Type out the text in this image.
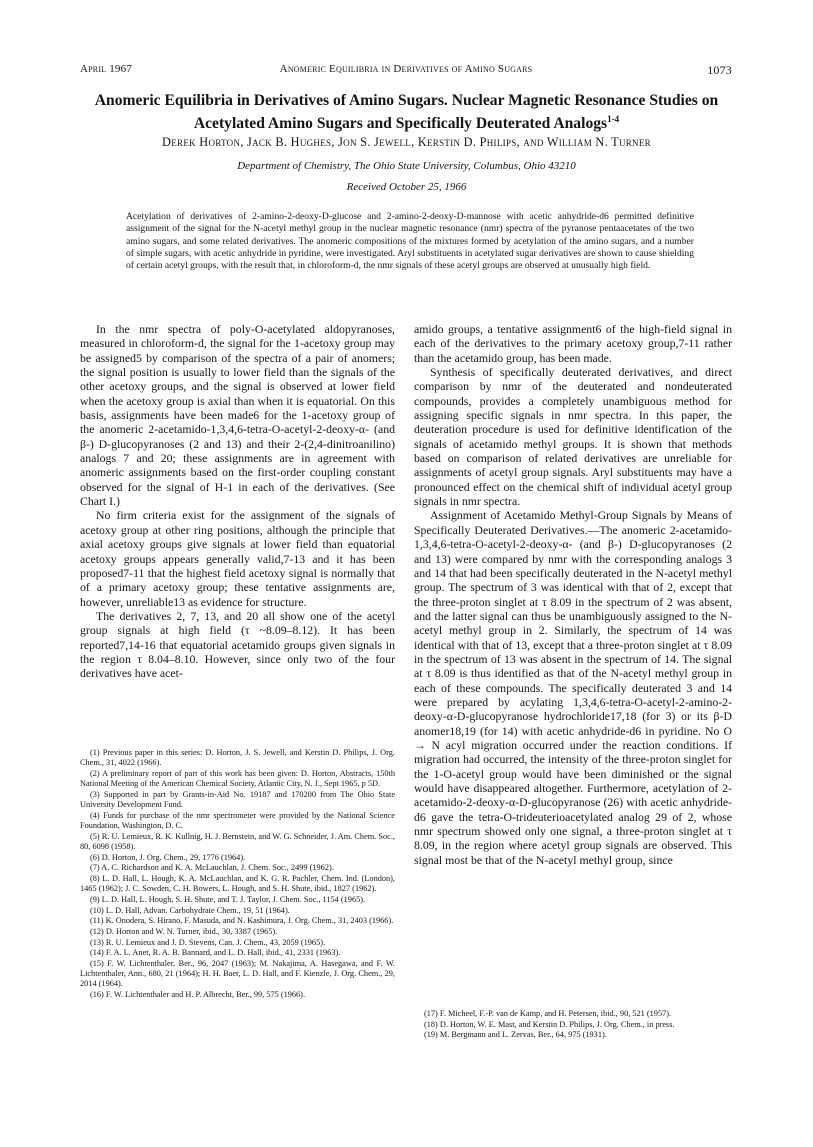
April 1967	Anomeric Equilibria in Derivatives of Amino Sugars	1073
Anomeric Equilibria in Derivatives of Amino Sugars. Nuclear Magnetic Resonance Studies on Acetylated Amino Sugars and Specifically Deuterated Analogs$^{1-4}$

Derek Horton, Jack B. Hughes, Jon S. Jewell, Kerstin D. Philips, and William N. Turner

Department of Chemistry, The Ohio State University, Columbus, Ohio 43210

Received October 25, 1966

Acetylation of derivatives of 2-amino-2-deoxy-D-glucose and 2-amino-2-deoxy-D-mannose with acetic anhydride-d6 permitted definitive assignment of the signal for the N-acetyl methyl group in the nuclear magnetic resonance (nmr) spectra of the pyranose pentaacetates of the two amino sugars, and some related derivatives. The anomeric compositions of the mixtures formed by acetylation of the amino sugars, and a number of simple sugars, with acetic anhydride in pyridine, were investigated. Aryl substituents in acetylated sugar derivatives are shown to cause shielding of certain acetyl groups, with the result that, in chloroform-d, the nmr signals of these acetyl groups are observed at unusually high field.

In the nmr spectra of poly-O-acetylated aldopyranoses, measured in chloroform-d, the signal for the 1-acetoxy group may be assigned5 by comparison of the spectra of a pair of anomers; the signal position is usually to lower field than the signals of the other acetoxy groups, and the signal is observed at lower field when the acetoxy group is axial than when it is equatorial. On this basis, assignments have been made6 for the 1-acetoxy group of the anomeric 2-acetamido-1,3,4,6-tetra-O-acetyl-2-deoxy-α- (and β-) D-glucopyranoses (2 and 13) and their 2-(2,4-dinitroanilino) analogs 7 and 20; these assignments are in agreement with anomeric assignments based on the first-order coupling constant observed for the signal of H-1 in each of the derivatives. (See Chart I.)

No firm criteria exist for the assignment of the signals of acetoxy group at other ring positions, although the principle that axial acetoxy groups give signals at lower field than equatorial acetoxy groups appears generally valid,7-13 and it has been proposed7-11 that the highest field acetoxy signal is normally that of a primary acetoxy group; these tentative assignments are, however, unreliable13 as evidence for structure.

The derivatives 2, 7, 13, and 20 all show one of the acetyl group signals at high field (τ ~8.09–8.12). It has been reported7,14-16 that equatorial acetamido groups given signals in the region τ 8.04–8.10. However, since only two of the four derivatives have acet-

amido groups, a tentative assignment6 of the high-field signal in each of the derivatives to the primary acetoxy group,7-11 rather than the acetamido group, has been made.

Synthesis of specifically deuterated derivatives, and direct comparison by nmr of the deuterated and nondeuterated compounds, provides a completely unambiguous method for assigning specific signals in nmr spectra. In this paper, the deuteration procedure is used for definitive identification of the signals of acetamido methyl groups. It is shown that methods based on comparison of related derivatives are unreliable for assignments of acetyl group signals. Aryl substituents may have a pronounced effect on the chemical shift of individual acetyl group signals in nmr spectra.

Assignment of Acetamido Methyl-Group Signals by Means of Specifically Deuterated Derivatives.—The anomeric 2-acetamido-1,3,4,6-tetra-O-acetyl-2-deoxy-α- (and β-) D-glucopyranoses (2 and 13) were compared by nmr with the corresponding analogs 3 and 14 that had been specifically deuterated in the N-acetyl methyl group. The spectrum of 3 was identical with that of 2, except that the three-proton singlet at τ 8.09 in the spectrum of 2 was absent, and the latter signal can thus be unambiguously assigned to the N-acetyl methyl group in 2. Similarly, the spectrum of 14 was identical with that of 13, except that a three-proton singlet at τ 8.09 in the spectrum of 13 was absent in the spectrum of 14. The signal at τ 8.09 is thus identified as that of the N-acetyl methyl group in each of these compounds. The specifically deuterated 3 and 14 were prepared by acylating 1,3,4,6-tetra-O-acetyl-2-amino-2-deoxy-α-D-glucopyranose hydrochloride17,18 (for 3) or its β-D anomer18,19 (for 14) with acetic anhydride-d6 in pyridine. No O → N acyl migration occurred under the reaction conditions. If migration had occurred, the intensity of the three-proton singlet for the 1-O-acetyl group would have been diminished or the signal would have disappeared altogether. Furthermore, acetylation of 2-acetamido-2-deoxy-α-D-glucopyranose (26) with acetic anhydride-d6 gave the tetra-O-trideuterioacetylated analog 29 of 2, whose nmr spectrum showed only one signal, a three-proton singlet at τ 8.09, in the region where acetyl group signals are observed. This signal most be that of the N-acetyl methyl group, since

(1) Previous paper in this series: D. Horton, J. S. Jewell, and Kerstin D. Philips, J. Org. Chem., 31, 4022 (1966).

(2) A preliminary report of part of this work has been given: D. Horton, Abstracts, 150th National Meeting of the American Chemical Society, Atlantic City, N. J., Sept 1965, p 5D.

(3) Supported in part by Grants-in-Aid No. 19187 and 170200 from The Ohio State University Development Fund.

(4) Funds for purchase of the nmr spectrometer were provided by the National Science Foundation, Washington, D. C.

(5) R. U. Lemieux, R. K. Kullnig, H. J. Bernstein, and W. G. Schneider, J. Am. Chem. Soc., 80, 6098 (1958).

(6) D. Horton, J. Org. Chem., 29, 1776 (1964).

(7) A. C. Richardson and K. A. McLauchlan, J. Chem. Soc., 2499 (1962).

(8) L. D. Hall, L. Hough, K. A. McLauchlan, and K. G. R. Pachler, Chem. Ind. (London), 1465 (1962); J. C. Sowden, C. H. Bowers, L. Hough, and S. H. Shute, ibid., 1827 (1962).

(9) L. D. Hall, L. Hough, S. H. Shute, and T. J. Taylor, J. Chem. Soc., 1154 (1965).

(10) L. D. Hall, Advan. Carbohydrate Chem., 19, 51 (1964).

(11) K. Onodera, S. Hirano, F. Masuda, and N. Kashimura, J. Org. Chem., 31, 2403 (1966).

(12) D. Horton and W. N. Turner, ibid., 30, 3387 (1965).

(13) R. U. Lemieux and J. D. Stevens, Can. J. Chem., 43, 2059 (1965).

(14) F. A. L. Anet, R. A. B. Bannard, and L. D. Hall, ibid., 41, 2331 (1963).

(15) F. W. Lichtenthaler, Ber., 96, 2047 (1963); M. Nakajima, A. Hasegawa, and F. W. Lichtenthaler, Ann., 680, 21 (1964); H. H. Baer, L. D. Hall, and F. Kienzle, J. Org. Chem., 29, 2014 (1964).

(16) F. W. Lichtenthaler and H. P. Albrecht, Ber., 99, 575 (1966).

(17) F. Micheel, F.-P. van de Kamp, and H. Petersen, ibid., 90, 521 (1957).

(18) D. Horton, W. E. Mast, and Kerstin D. Philips, J. Org. Chem., in press.

(19) M. Bergmann and L. Zervas, Ber., 64, 975 (1931).
